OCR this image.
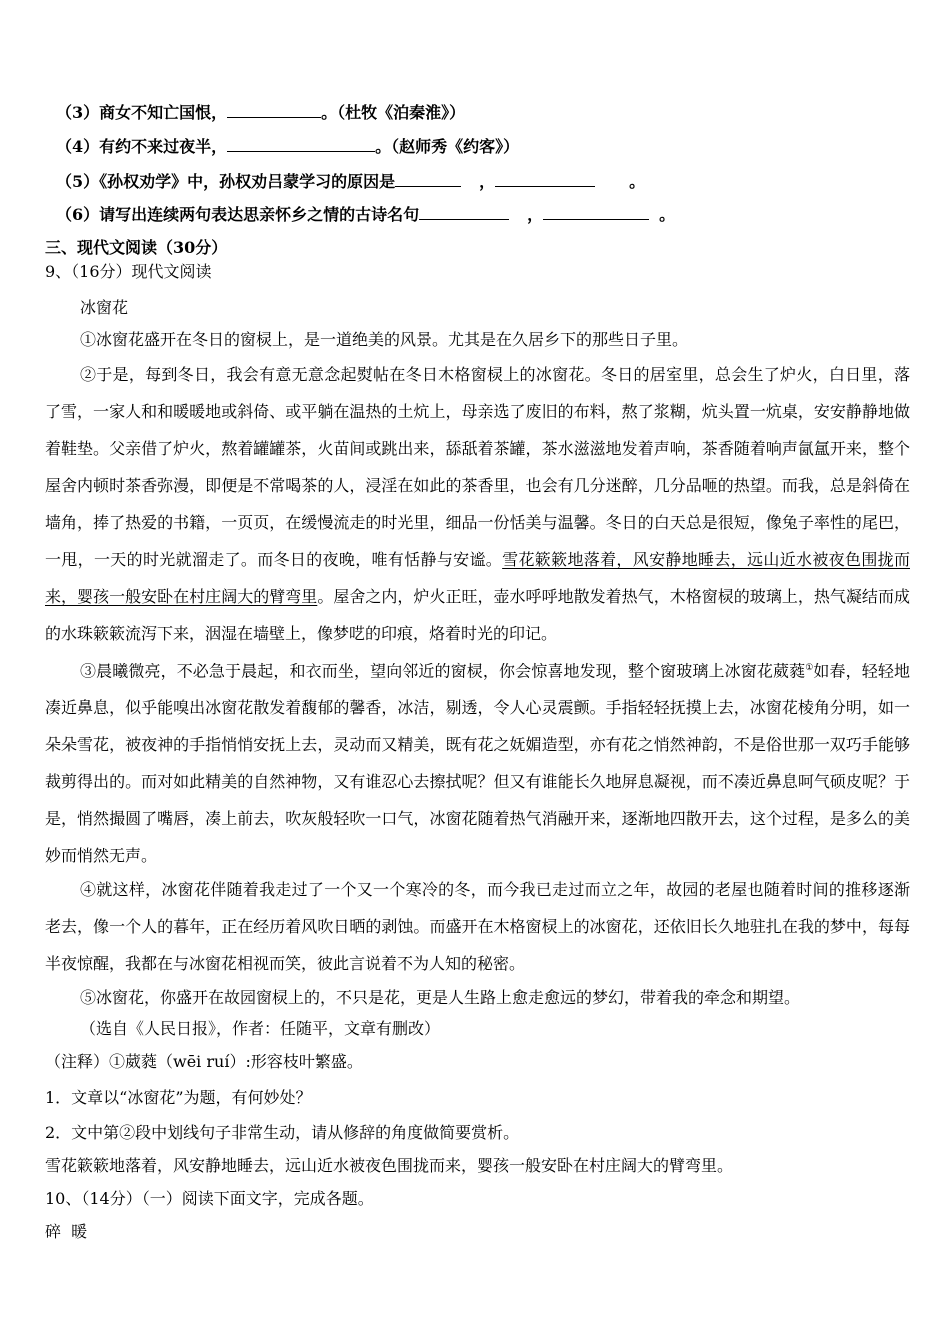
（3）商女不知亡国恨，	。（杜牧《泊秦淮》）
（4）有约不来过夜半，	。（赵师秀《约客》）
（5）《孙权劝学》中，孙权劝吕蒙学习的原因是	，	。
（6）请写出连续两句表达思亲怀乡之情的古诗名句	，	。
三、现代文阅读（30分）
9、（16分）现代文阅读
冰窗花
①冰窗花盛开在冬日的窗棂上，是一道绝美的风景。尤其是在久居乡下的那些日子里。
②于是，每到冬日，我会有意无意念起熨帖在冬日木格窗棂上的冰窗花。冬日的居室里，总会生了炉火，白日里，落了雪，一家人和和暖暖地或斜倚、或平躺在温热的土炕上，母亲选了废旧的布料，熬了浆糊，炕头置一炕桌，安安静静地做着鞋垫。父亲借了炉火，熬着罐罐茶，火苗间或跳出来，舔舐着茶罐，茶水滋滋地发着声响，茶香随着响声氤氲开来，整个屋舍内顿时茶香弥漫，即便是不常喝茶的人，浸淫在如此的茶香里，也会有几分迷醉，几分品咂的热望。而我，总是斜倚在墙角，捧了热爱的书籍，一页页，在缓慢流走的时光里，细品一份恬美与温馨。冬日的白天总是很短，像兔子率性的尾巴，一甩，一天的时光就溜走了。而冬日的夜晚，唯有恬静与安谧。雪花簌簌地落着，风安静地睡去，远山近水被夜色围拢而来，婴孩一般安卧在村庄阔大的臂弯里。屋舍之内，炉火正旺，壶水呼呼地散发着热气，木格窗棂的玻璃上，热气凝结而成的水珠簌簌流泻下来，洇湿在墙壁上，像梦呓的印痕，烙着时光的印记。
③晨曦微亮，不必急于晨起，和衣而坐，望向邻近的窗棂，你会惊喜地发现，整个窗玻璃上冰窗花葳蕤①如春，轻轻地凑近鼻息，似乎能嗅出冰窗花散发着馥郁的馨香，冰洁，剔透，令人心灵震颤。手指轻轻抚摸上去，冰窗花棱角分明，如一朵朵雪花，被夜神的手指悄悄安抚上去，灵动而又精美，既有花之妩媚造型，亦有花之悄然神韵，不是俗世那一双巧手能够裁剪得出的。而对如此精美的自然神物，又有谁忍心去擦拭呢？但又有谁能长久地屏息凝视，而不凑近鼻息呵气硕皮呢？于是，悄然撮圆了嘴唇，凑上前去，吹灰般轻吹一口气，冰窗花随着热气消融开来，逐渐地四散开去，这个过程，是多么的美妙而悄然无声。
④就这样，冰窗花伴随着我走过了一个又一个寒冷的冬，而今我已走过而立之年，故园的老屋也随着时间的推移逐渐老去，像一个人的暮年，正在经历着风吹日晒的剥蚀。而盛开在木格窗棂上的冰窗花，还依旧长久地驻扎在我的梦中，每每半夜惊醒，我都在与冰窗花相视而笑，彼此言说着不为人知的秘密。
⑤冰窗花，你盛开在故园窗棂上的，不只是花，更是人生路上愈走愈远的梦幻，带着我的牵念和期望。
（选自《人民日报》，作者：任随平，文章有删改）
（注释）①葳蕤（wēi ruí）:形容枝叶繁盛。
1．文章以“冰窗花”为题，有何妙处？
2．文中第②段中划线句子非常生动，请从修辞的角度做简要赏析。
雪花簌簌地落着，风安静地睡去，远山近水被夜色围拢而来，婴孩一般安卧在村庄阔大的臂弯里。
10、（14分）（一）阅读下面文字，完成各题。
碎  暖
